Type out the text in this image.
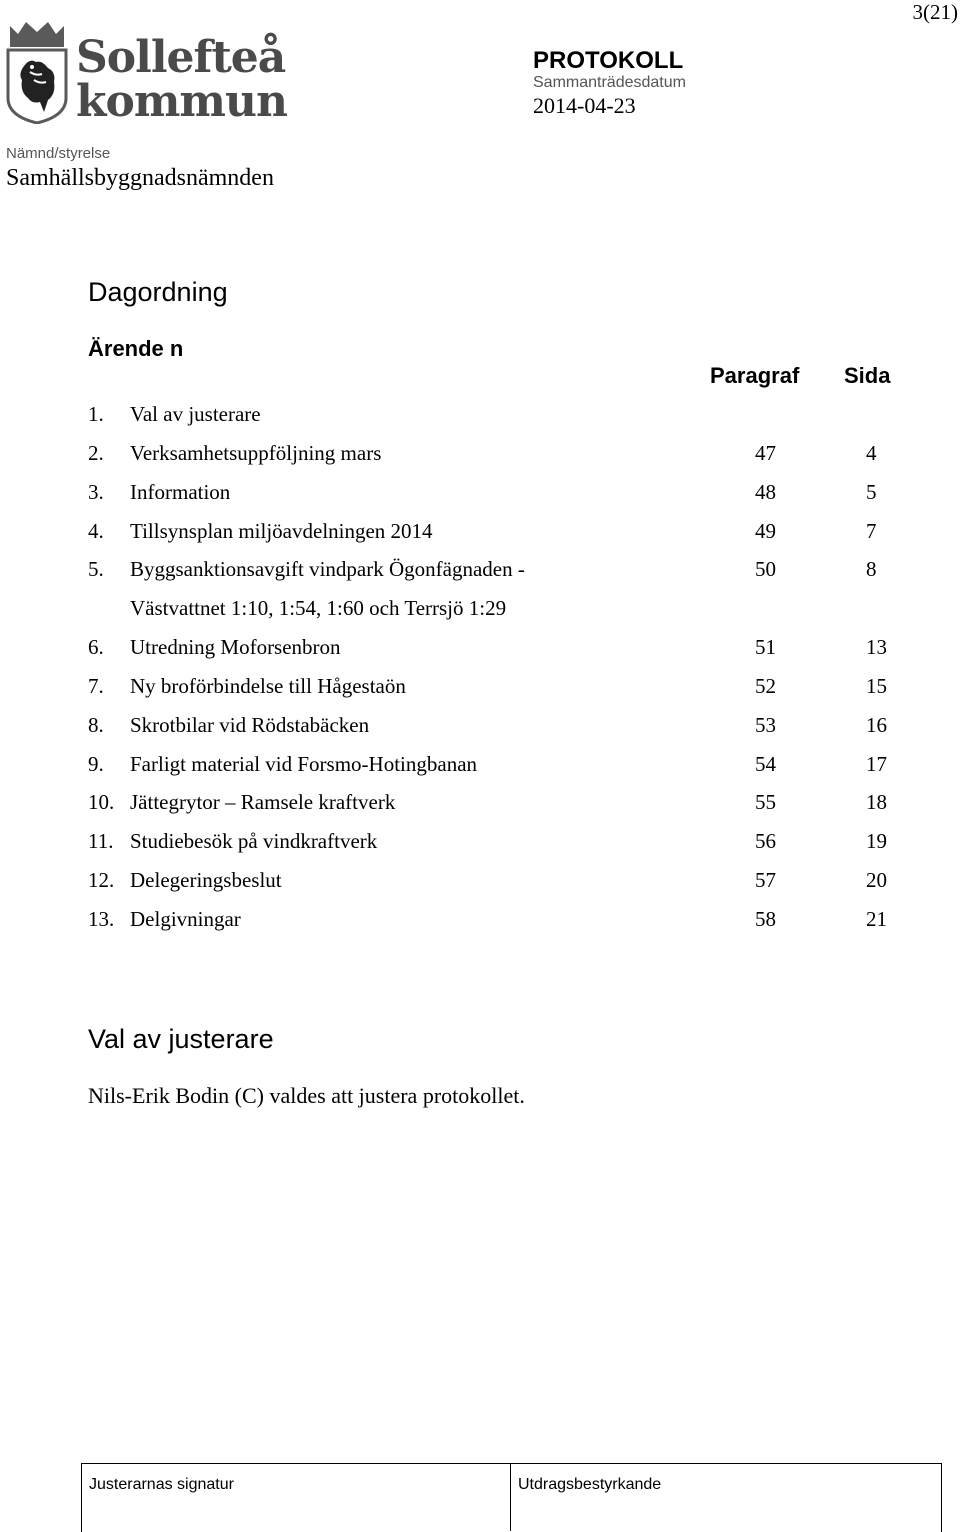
3(21)
Sollefteå
kommun
PROTOKOLL
Sammanträdesdatum
2014-04-23
Nämnd/styrelse
Samhällsbyggnadsnämnden
Dagordning
Ärende n
Paragraf Sida
1. Val av justerare
2. Verksamhetsuppföljning mars	47	4
3. Information	48	5
4. Tillsynsplan miljöavdelningen 2014	49	7
5. Byggsanktionsavgift vindpark Ögonfägnaden -	50	8
Västvattnet 1:10, 1:54, 1:60 och Terrsjö 1:29
6. Utredning Moforsenbron	51	13
7. Ny broförbindelse till Hågestaön	52	15
8. Skrotbilar vid Rödstabäcken	53	16
9. Farligt material vid Forsmo-Hotingbanan	54	17
10. Jättegrytor – Ramsele kraftverk	55	18
11. Studiebesök på vindkraftverk	56	19
12. Delegeringsbeslut	57	20
13. Delgivningar	58	21
Val av justerare
Nils-Erik Bodin (C) valdes att justera protokollet.
Justerarnas signatur	Utdragsbestyrkande
